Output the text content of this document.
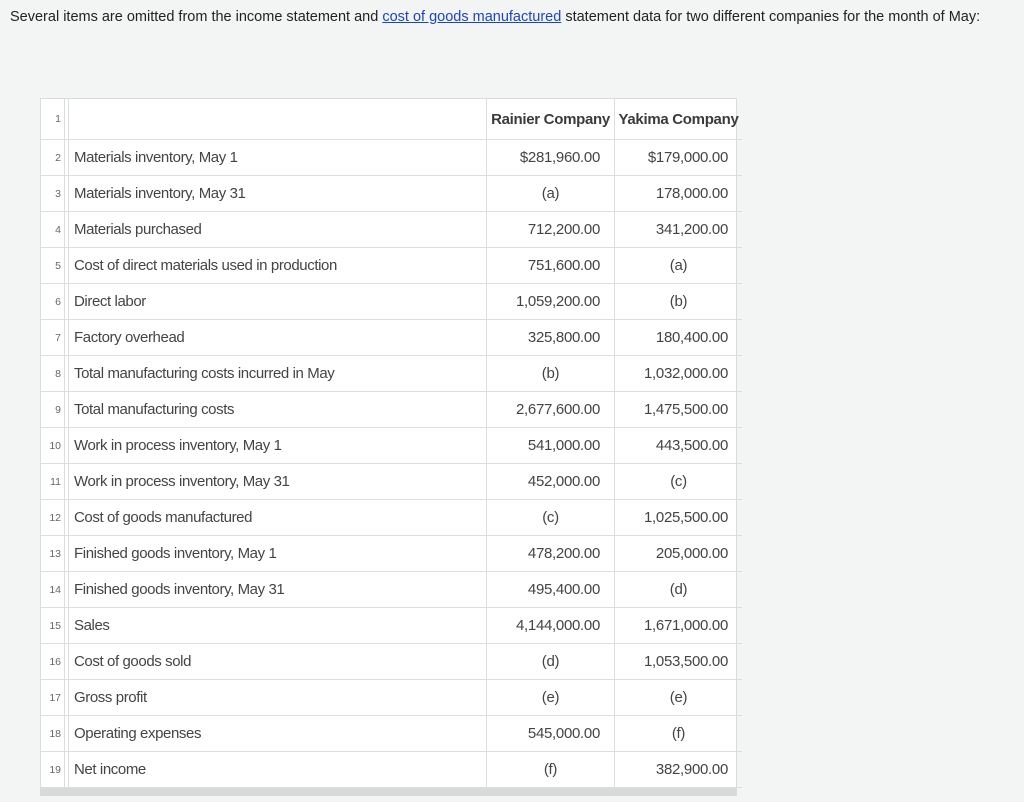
Several items are omitted from the income statement and cost of goods manufactured statement data for two different companies for the month of May:
1			Rainier Company	Yakima Company
2		Materials inventory, May 1	$281,960.00	$179,000.00
3		Materials inventory, May 31	(a)	178,000.00
4		Materials purchased	712,200.00	341,200.00
5		Cost of direct materials used in production	751,600.00	(a)
6		Direct labor	1,059,200.00	(b)
7		Factory overhead	325,800.00	180,400.00
8		Total manufacturing costs incurred in May	(b)	1,032,000.00
9		Total manufacturing costs	2,677,600.00	1,475,500.00
10		Work in process inventory, May 1	541,000.00	443,500.00
11		Work in process inventory, May 31	452,000.00	(c)
12		Cost of goods manufactured	(c)	1,025,500.00
13		Finished goods inventory, May 1	478,200.00	205,000.00
14		Finished goods inventory, May 31	495,400.00	(d)
15		Sales	4,144,000.00	1,671,000.00
16		Cost of goods sold	(d)	1,053,500.00
17		Gross profit	(e)	(e)
18		Operating expenses	545,000.00	(f)
19		Net income	(f)	382,900.00
